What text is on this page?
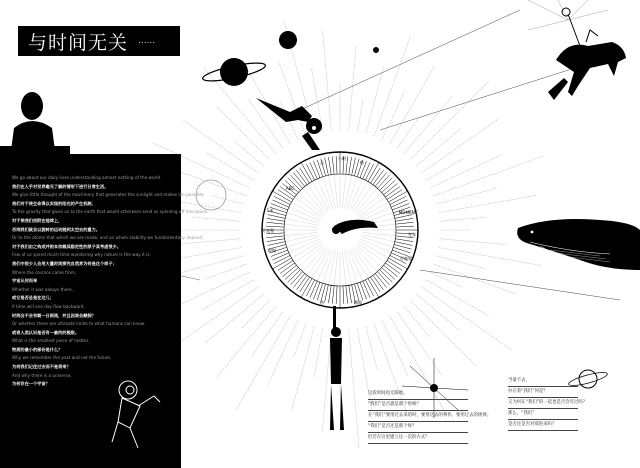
与时间无关 ......
We go about our daily lives understanding almost nothing of the world.
我们在人乎对世界毫无了解的情形下进行日常生活。
We give little thought of the machinery that generates the sunlight and makes life possible,
我们对于使生命得以实现的阳光的产生机制，
To the gravity that glues us to the earth that would otherwise send us spinning off into space.
对于使我们依附在地球上，
否则我们就会以旋转的运动抛到太空去的重力。
Or to the atoms that which we are made, and on whole stability we fundamentally depend.
对于我们由之构成并根本依赖其稳定性的原子其考虑很少。
Few of us spend much time wondering why nature is the way it is,
我们中很少人会用大量时间探究自然界为何是这个样子；
Where the cosmos came from,
宇宙从何而来
Whether it was always there,
或它是否总是在这儿；
If time will one day flow backward,
时间会不会有朝一日倒流，并且因果会颠倒？
Or whether there are ultimate limits to what humans can know.
或者人类认识是否有一最终的极限。
What is the smallest piece of matter,
物质的最小的部份是什么？
Why we remember the past and not the future,
为何我们记住过去而不是将来？
And why there is a universe.
为何存在一个宇宙？
天
小时
秒
ABC
1米
可变程
数据
MOMENT
光年
可变程
秒	瞬间
这段时间再无限地。
“我们”是否就是那个时候？
在“我们”要用过去来的时，要用过去的事件。要用过去的规律。
“我们”是否还是那个时？
但若在这里建立这一次的方式？
当量不去，
办在着“我们”何是？
又为何在“我们”的一起也是否会有过吗？
那么，“我们”
是否还是否对那进来吗？
